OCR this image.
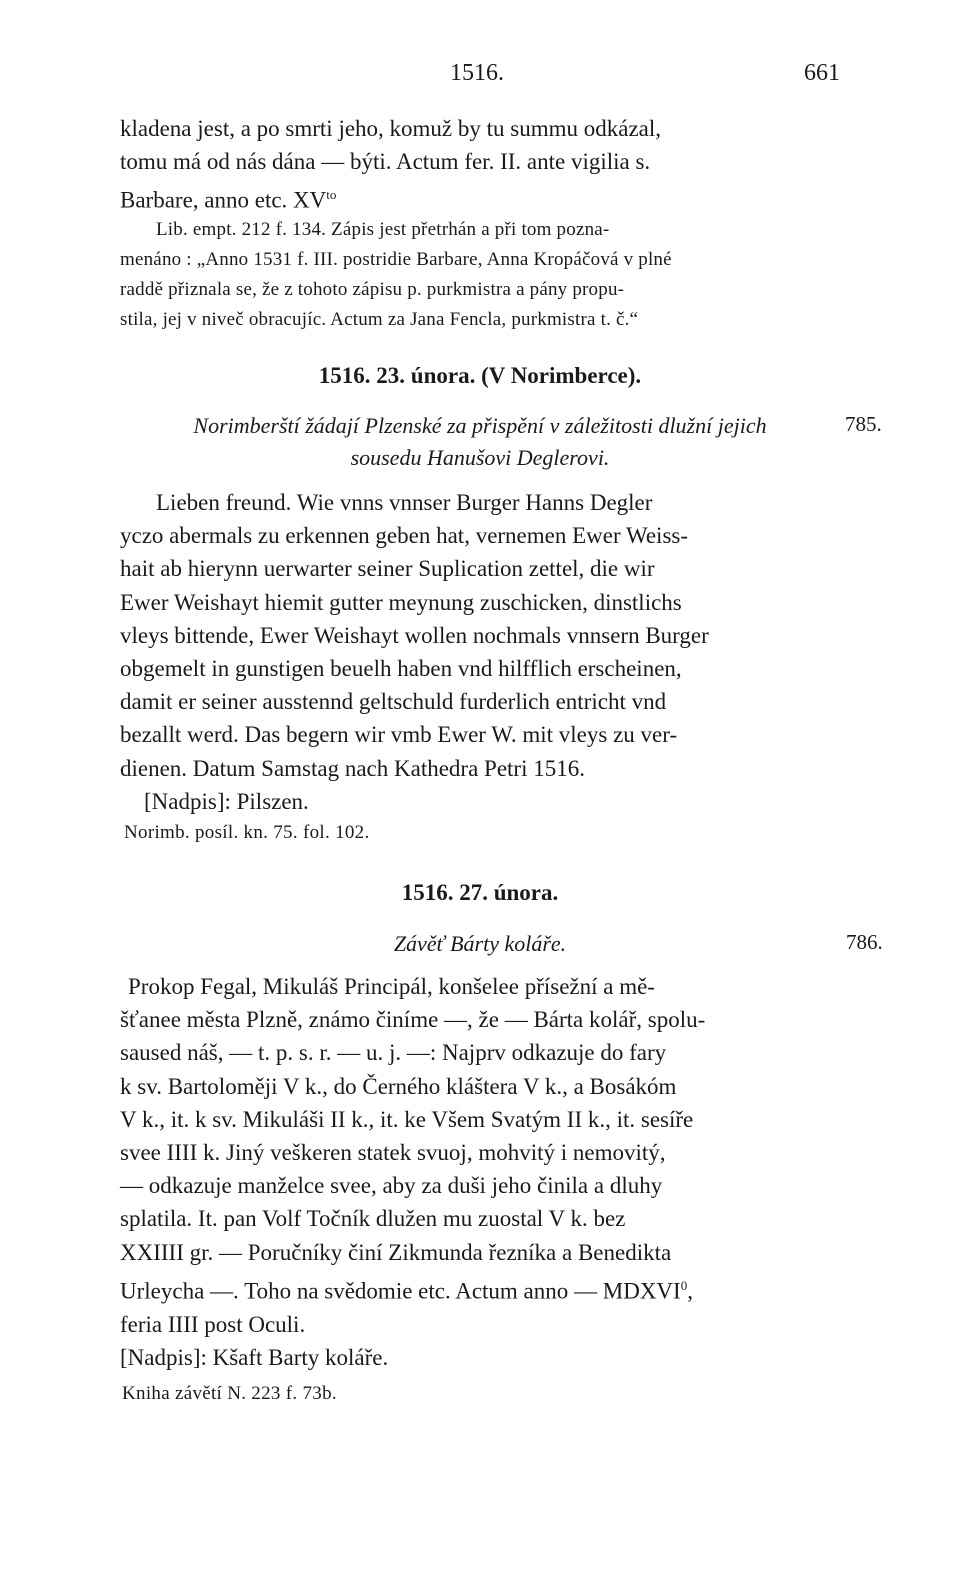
1516.	661
kladena jest, a po smrti jeho, komuž by tu summu odkázal,
tomu má od nás dána — býti. Actum fer. II. ante vigilia s.
Barbare, anno etc. $XV^{to}$
Lib. empt. 212 f. 134. Zápis jest přetrhán a při tom pozna-
menáno : „Anno 1531 f. III. postridie Barbare, Anna Kropáčová v plné
raddě přiznala se, že z tohoto zápisu p. purkmistra a pány propu-
stila, jej v niveč obracujíc. Actum za Jana Fencla, purkmistra t. č.“
1516. 23. února. (V Norimberce).
Norimberští žádají Plzenské za přispění v záležitosti dlužní jejich
sousedu Hanušovi Deglerovi.
785.
Lieben freund. Wie vnns vnnser Burger Hanns Degler
yczo abermals zu erkennen geben hat, vernemen Ewer Weiss-
hait ab hierynn uerwarter seiner Suplication zettel, die wir
Ewer Weishayt hiemit gutter meynung zuschicken, dinstlichs
vleys bittende, Ewer Weishayt wollen nochmals vnnsern Burger
obgemelt in gunstigen beuelh haben vnd hilfflich erscheinen,
damit er seiner ausstennd geltschuld furderlich entricht vnd
bezallt werd. Das begern wir vmb Ewer W. mit vleys zu ver-
dienen. Datum Samstag nach Kathedra Petri 1516.
[Nadpis]: Pilszen.
Norimb. posíl. kn. 75. fol. 102.
1516. 27. února.
Závěť Bárty koláře.	786.
Prokop Fegal, Mikuláš Principál, konšelee přísežní a mě-
šťanee města Plzně, známo činíme —, že — Bárta kolář, spolu-
saused náš, — t. p. s. r. — u. j. —: Najprv odkazuje do fary
k sv. Bartoloměji V k., do Černého kláštera V k., a Bosákóm
V k., it. k sv. Mikuláši II k., it. ke Všem Svatým II k., it. sesíře
svee IIII k. Jiný veškeren statek svuoj, mohvitý i nemovitý,
— odkazuje manželce svee, aby za duši jeho činila a dluhy
splatila. It. pan Volf Točník dlužen mu zuostal V k. bez
XXIIII gr. — Poručníky činí Zikmunda řezníka a Benedikta
Urleycha —. Toho na svědomie etc. Actum anno — MDXVI$^0$,
feria IIII post Oculi.
[Nadpis]: Kšaft Barty koláře.
Kniha závětí N. 223 f. 73b.
